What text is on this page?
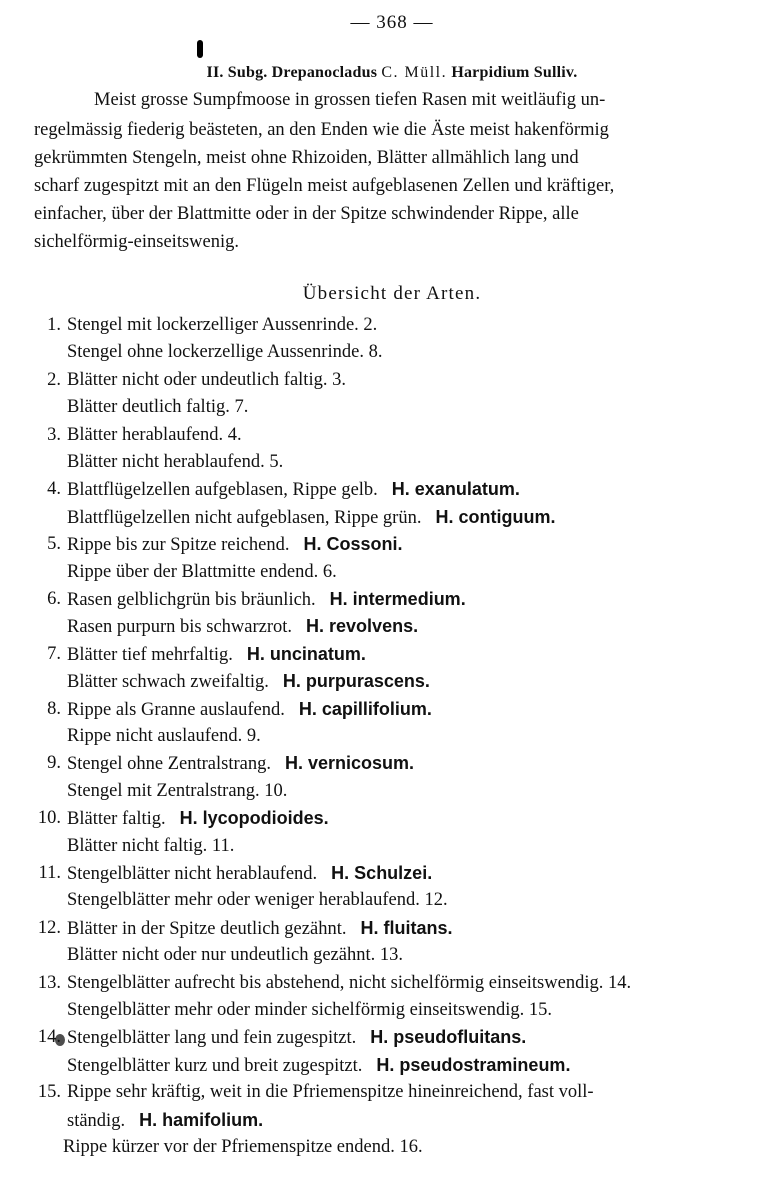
— 368 —
II. Subg. Drepanocladus C. Müll. Harpidium Sulliv.
Meist grosse Sumpfmoose in grossen tiefen Rasen mit weitläufig un-
regelmässig fiederig beästeten, an den Enden wie die Äste meist hakenförmig
gekrümmten Stengeln, meist ohne Rhizoiden, Blätter allmählich lang und
scharf zugespitzt mit an den Flügeln meist aufgeblasenen Zellen und kräftiger,
einfacher, über der Blattmitte oder in der Spitze schwindender Rippe, alle
sichelförmig-einseitswenig.
Übersicht der Arten.
1. Stengel mit lockerzelliger Aussenrinde. 2.
Stengel ohne lockerzellige Aussenrinde. 8.
2. Blätter nicht oder undeutlich faltig. 3.
Blätter deutlich faltig. 7.
3. Blätter herablaufend. 4.
Blätter nicht herablaufend. 5.
4. Blattflügelzellen aufgeblasen, Rippe gelb. H. exanulatum.
Blattflügelzellen nicht aufgeblasen, Rippe grün. H. contiguum.
5. Rippe bis zur Spitze reichend. H. Cossoni.
Rippe über der Blattmitte endend. 6.
6. Rasen gelblichgrün bis bräunlich. H. intermedium.
Rasen purpurn bis schwarzrot. H. revolvens.
7. Blätter tief mehrfaltig. H. uncinatum.
Blätter schwach zweifaltig. H. purpurascens.
8. Rippe als Granne auslaufend. H. capillifolium.
Rippe nicht auslaufend. 9.
9. Stengel ohne Zentralstrang. H. vernicosum.
Stengel mit Zentralstrang. 10.
10. Blätter faltig. H. lycopodioides.
Blätter nicht faltig. 11.
11. Stengelblätter nicht herablaufend. H. Schulzei.
Stengelblätter mehr oder weniger herablaufend. 12.
12. Blätter in der Spitze deutlich gezähnt. H. fluitans.
Blätter nicht oder nur undeutlich gezähnt. 13.
13. Stengelblätter aufrecht bis abstehend, nicht sichelförmig einseitswendig. 14.
Stengelblätter mehr oder minder sichelförmig einseitswendig. 15.
14. Stengelblätter lang und fein zugespitzt. H. pseudofluitans.
Stengelblätter kurz und breit zugespitzt. H. pseudostramineum.
15. Rippe sehr kräftig, weit in die Pfriemenspitze hineinreichend, fast voll-
ständig. H. hamifolium.
Rippe kürzer vor der Pfriemenspitze endend. 16.
